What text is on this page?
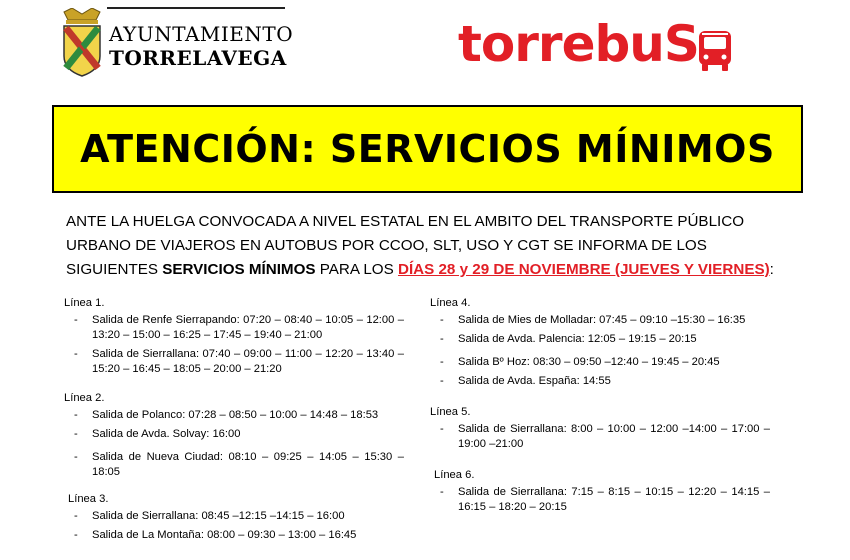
AYUNTAMIENTO
TORRELAVEGA	torrebuS
ATENCIÓN: SERVICIOS MÍNIMOS
ANTE LA HUELGA CONVOCADA A NIVEL ESTATAL EN EL AMBITO DEL TRANSPORTE PÚBLICO URBANO DE VIAJEROS EN AUTOBUS POR CCOO, SLT, USO Y CGT SE INFORMA DE LOS SIGUIENTES SERVICIOS MÍNIMOS PARA LOS DÍAS 28 y 29 DE NOVIEMBRE (JUEVES Y VIERNES):
Línea 1.
- Salida de Renfe Sierrapando: 07:20 – 08:40 – 10:05 – 12:00 – 13:20 – 15:00 – 16:25 – 17:45 – 19:40 – 21:00
- Salida de Sierrallana: 07:40 – 09:00 – 11:00 – 12:20 – 13:40 – 15:20 – 16:45 – 18:05 – 20:00 – 21:20
Línea 2.
- Salida de Polanco: 07:28 – 08:50 – 10:00 – 14:48 – 18:53
- Salida de Avda. Solvay: 16:00
- Salida de Nueva Ciudad: 08:10 – 09:25 – 14:05 – 15:30 – 18:05
Línea 3.
- Salida de Sierrallana: 08:45 –12:15 –14:15 – 16:00
- Salida de La Montaña: 08:00 – 09:30 – 13:00 – 16:45
Línea 4.
- Salida de Mies de Molladar: 07:45 – 09:10 –15:30 – 16:35
- Salida de Avda. Palencia: 12:05 – 19:15 – 20:15
- Salida Bº Hoz: 08:30 – 09:50 –12:40 – 19:45 – 20:45
- Salida de Avda. España: 14:55
Línea 5.
- Salida de Sierrallana: 8:00 – 10:00 – 12:00 –14:00 – 17:00 –19:00 –21:00
Línea 6.
- Salida de Sierrallana: 7:15 – 8:15 – 10:15 – 12:20 – 14:15 – 16:15 – 18:20 – 20:15
